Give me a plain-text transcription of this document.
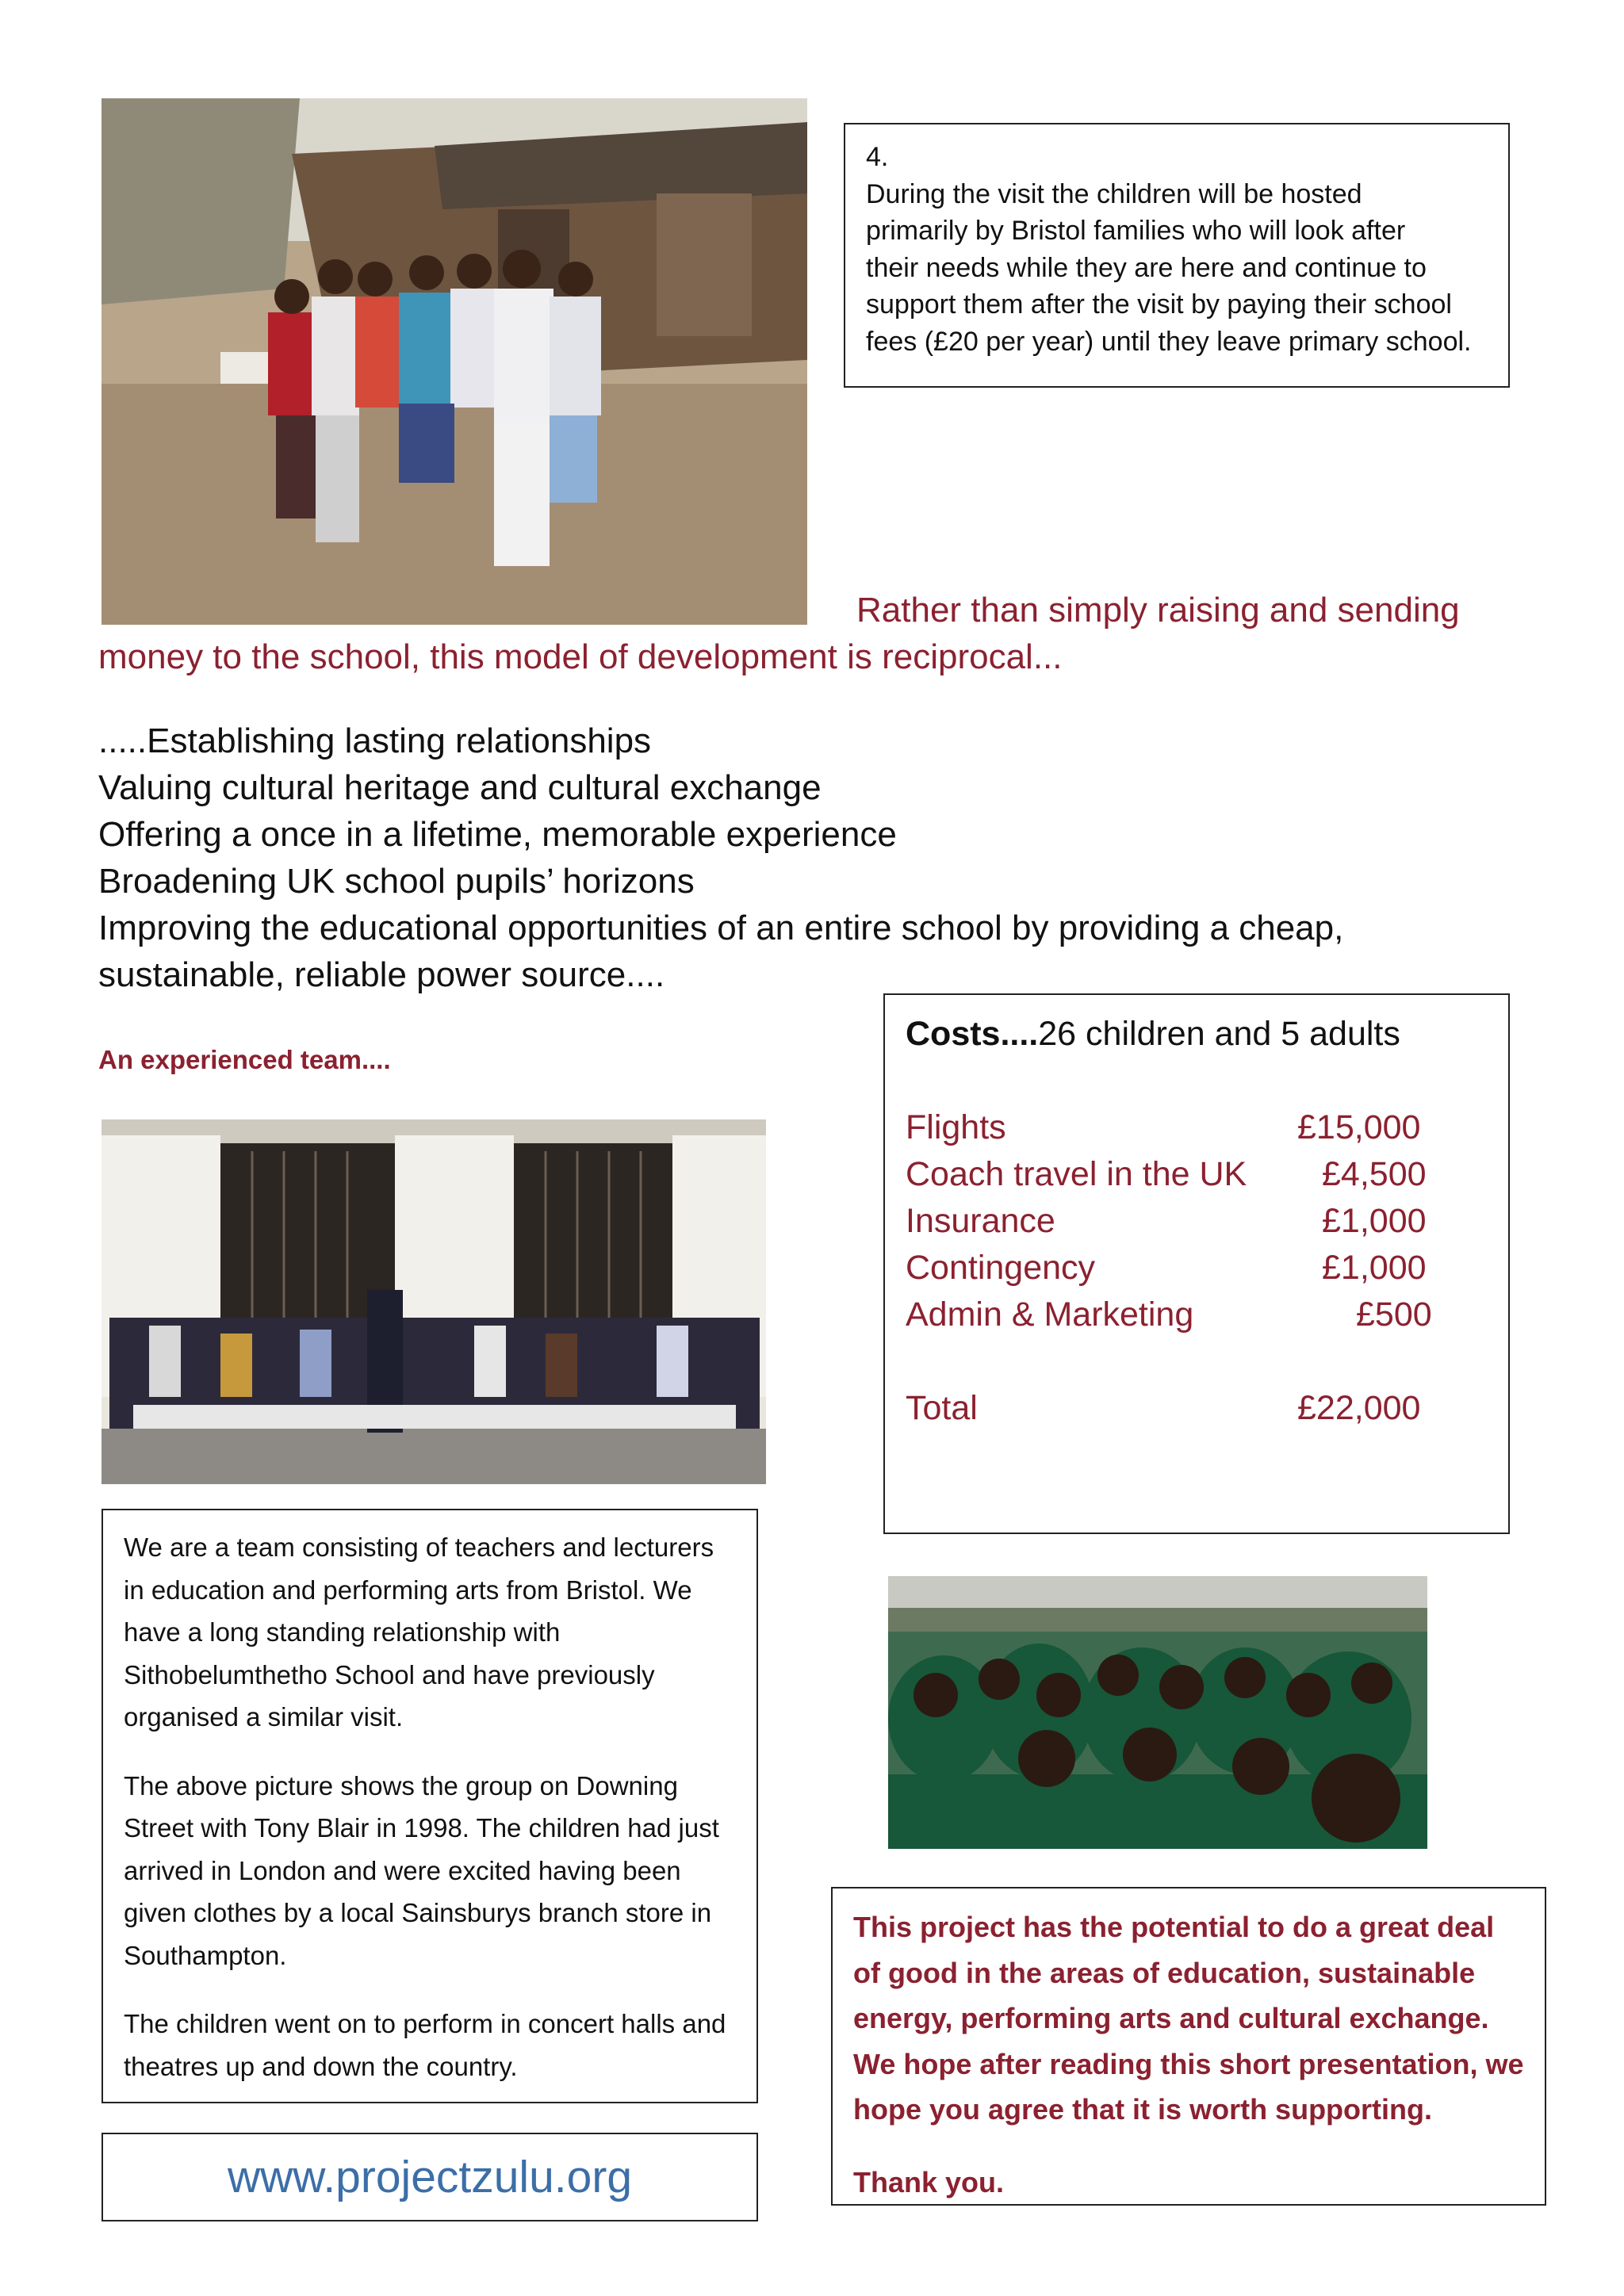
4.
During the visit the children will be hosted
primarily by Bristol families who will look after
their needs while they are here and continue to
support them after the visit by paying their school
fees (£20 per year) until they leave primary school.
Rather than simply raising and sending
money to the school, this model of development is reciprocal...
.....Establishing lasting relationships
Valuing cultural heritage and cultural exchange
Offering a once in a lifetime, memorable experience
Broadening UK school pupils’ horizons
Improving the educational opportunities of an entire school by providing a cheap,
sustainable, reliable power source....
An experienced team....
Costs....26 children and 5 adults
Flights	£15,000
Coach travel in the UK £4,500
Insurance	£1,000
Contingency	£1,000
Admin & Marketing	£500
Total	£22,000

We are a team consisting of teachers and lecturers in education and performing arts from Bristol. We have a long standing relationship with Sithobelumthetho School and have previously organised a similar visit.

The above picture shows the group on Downing Street with Tony Blair in 1998. The children had just arrived in London and were excited having been given clothes by a local Sainsburys branch store in Southampton.

The children went on to perform in concert halls and theatres up and down the country.

This project has the potential to do a great deal of good in the areas of education, sustainable energy, performing arts and cultural exchange. We hope after reading this short presentation, we hope you agree that it is worth supporting.

Thank you.

www.projectzulu.org
